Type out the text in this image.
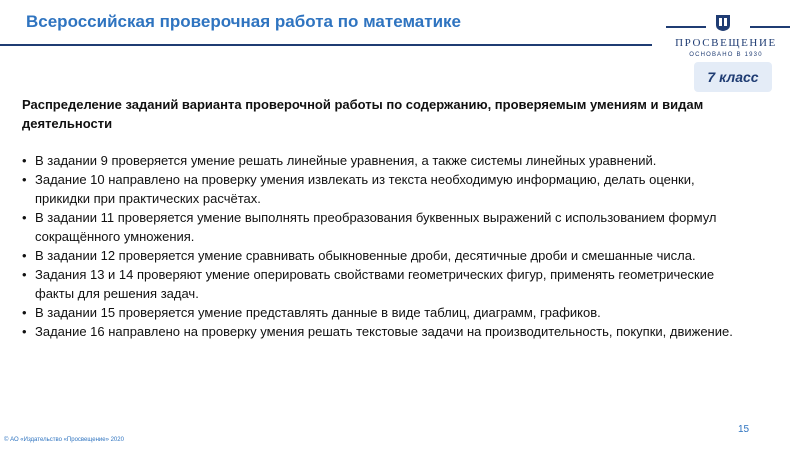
Всероссийская проверочная работа по математике
ПРОСВЕЩЕНИЕ
ОСНОВАНО В 1930
7 класс
Распределение заданий варианта проверочной работы по содержанию, проверяемым умениям и видам деятельности
• В задании 9 проверяется умение решать линейные уравнения, а также системы линейных уравнений.
• Задание 10 направлено на проверку умения извлекать из текста необходимую информацию, делать оценки, прикидки при практических расчётах.
• В задании 11 проверяется умение выполнять преобразования буквенных выражений с использованием формул сокращённого умножения.
• В задании 12 проверяется умение сравнивать обыкновенные дроби, десятичные дроби и смешанные числа.
• Задания 13 и 14 проверяют умение оперировать свойствами геометрических фигур, применять геометрические факты для решения задач.
• В задании 15 проверяется умение представлять данные в виде таблиц, диаграмм, графиков.
• Задание 16 направлено на проверку умения решать текстовые задачи на производительность, покупки, движение.
15
© АО «Издательство «Просвещение» 2020
